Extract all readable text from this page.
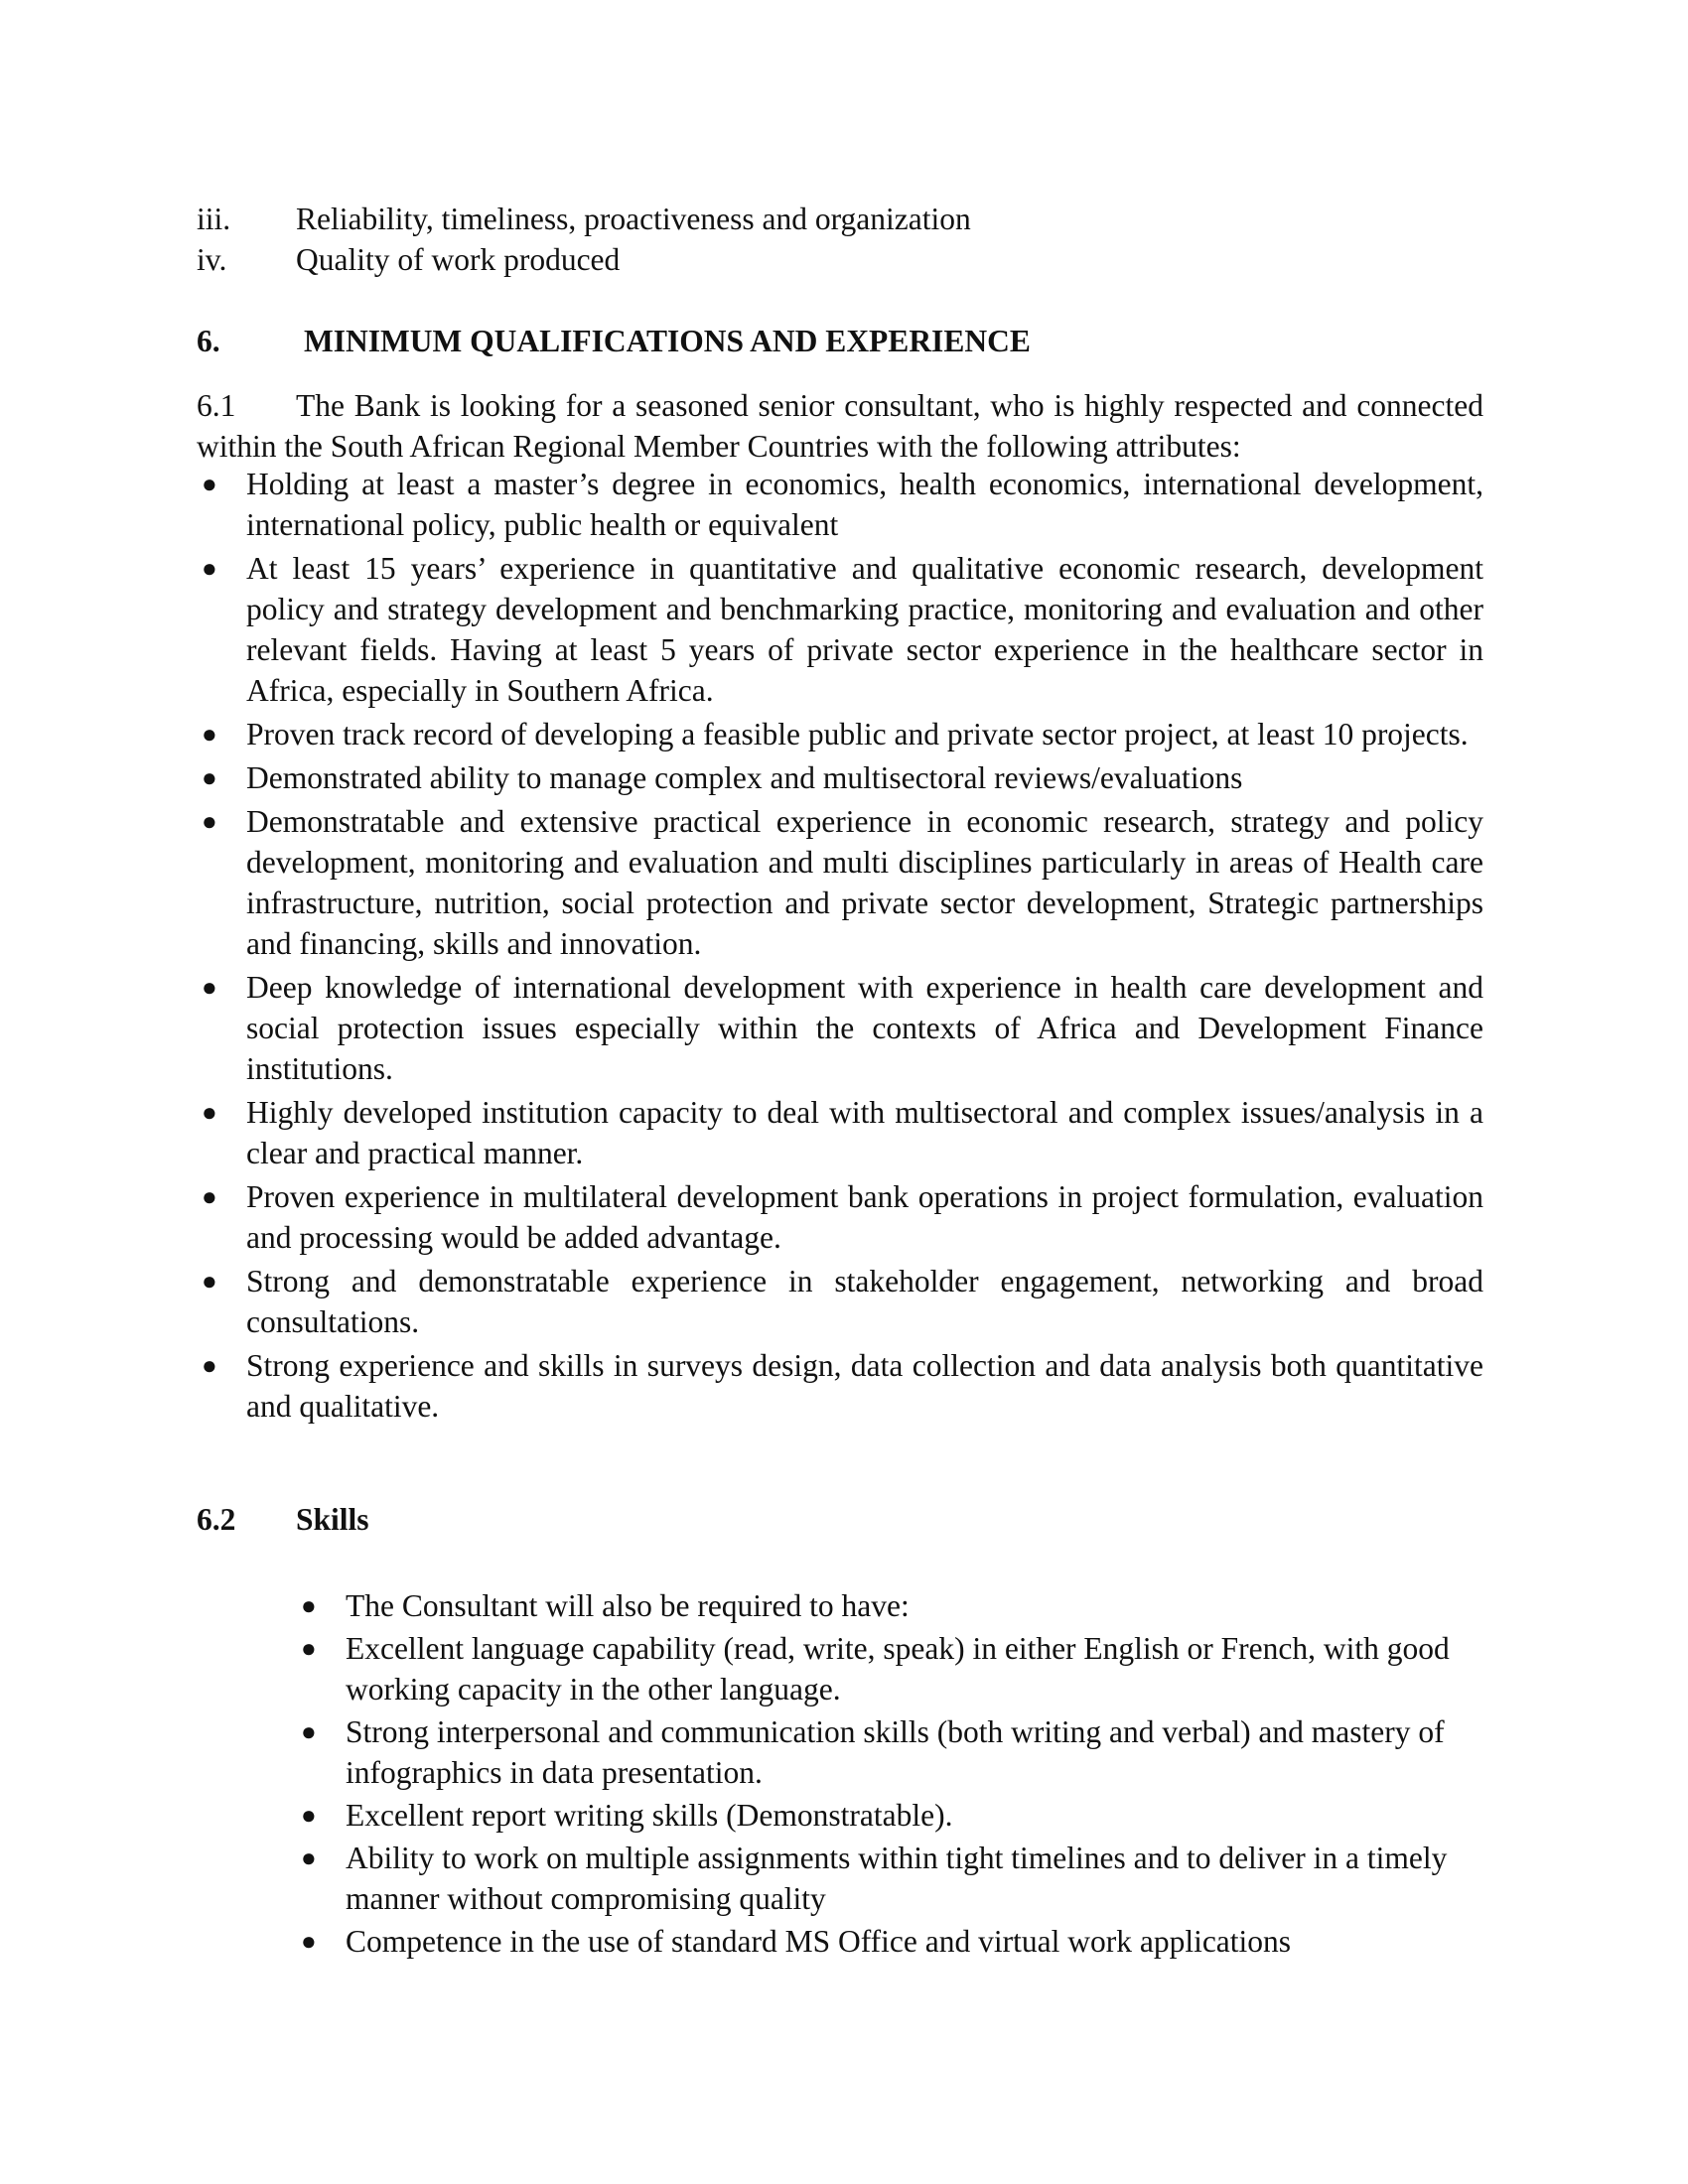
iii. Reliability, timeliness, proactiveness and organization
iv. Quality of work produced
6.	MINIMUM QUALIFICATIONS AND EXPERIENCE

6.1 The Bank is looking for a seasoned senior consultant, who is highly respected and connected within the South African Regional Member Countries with the following attributes:

● Holding at least a master’s degree in economics, health economics, international development, international policy, public health or equivalent
● At least 15 years’ experience in quantitative and qualitative economic research, development policy and strategy development and benchmarking practice, monitoring and evaluation and other relevant fields. Having at least 5 years of private sector experience in the healthcare sector in Africa, especially in Southern Africa.
● Proven track record of developing a feasible public and private sector project, at least 10 projects.
● Demonstrated ability to manage complex and multisectoral reviews/evaluations
● Demonstratable and extensive practical experience in economic research, strategy and policy development, monitoring and evaluation and multi disciplines particularly in areas of Health care infrastructure, nutrition, social protection and private sector development, Strategic partnerships and financing, skills and innovation.
● Deep knowledge of international development with experience in health care development and social protection issues especially within the contexts of Africa and Development Finance institutions.
● Highly developed institution capacity to deal with multisectoral and complex issues/analysis in a clear and practical manner.
● Proven experience in multilateral development bank operations in project formulation, evaluation and processing would be added advantage.
● Strong and demonstratable experience in stakeholder engagement, networking and broad consultations.
● Strong experience and skills in surveys design, data collection and data analysis both quantitative and qualitative.
6.2 Skills
● The Consultant will also be required to have:
● Excellent language capability (read, write, speak) in either English or French, with good working capacity in the other language.
● Strong interpersonal and communication skills (both writing and verbal) and mastery of infographics in data presentation.
● Excellent report writing skills (Demonstratable).
● Ability to work on multiple assignments within tight timelines and to deliver in a timely manner without compromising quality
● Competence in the use of standard MS Office and virtual work applications
